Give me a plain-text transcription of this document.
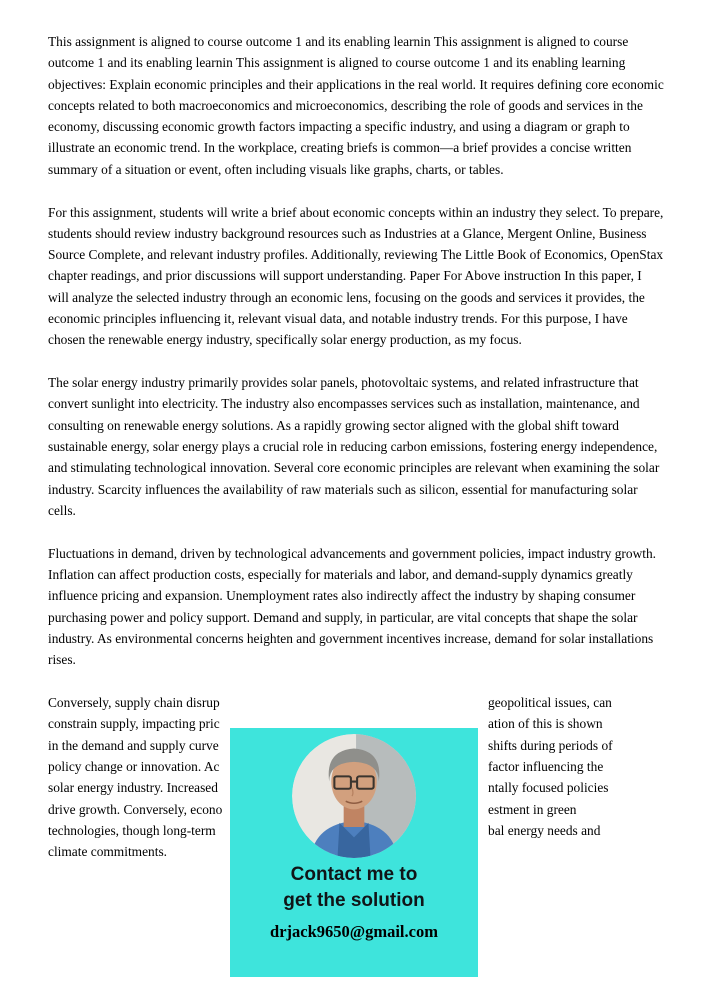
This assignment is aligned to course outcome 1 and its enabling learnin This assignment is aligned to course outcome 1 and its enabling learnin This assignment is aligned to course outcome 1 and its enabling learning objectives: Explain economic principles and their applications in the real world. It requires defining core economic concepts related to both macroeconomics and microeconomics, describing the role of goods and services in the economy, discussing economic growth factors impacting a specific industry, and using a diagram or graph to illustrate an economic trend. In the workplace, creating briefs is common—a brief provides a concise written summary of a situation or event, often including visuals like graphs, charts, or tables.

For this assignment, students will write a brief about economic concepts within an industry they select. To prepare, students should review industry background resources such as Industries at a Glance, Mergent Online, Business Source Complete, and relevant industry profiles. Additionally, reviewing The Little Book of Economics, OpenStax chapter readings, and prior discussions will support understanding. Paper For Above instruction In this paper, I will analyze the selected industry through an economic lens, focusing on the goods and services it provides, the economic principles influencing it, relevant visual data, and notable industry trends. For this purpose, I have chosen the renewable energy industry, specifically solar energy production, as my focus.

The solar energy industry primarily provides solar panels, photovoltaic systems, and related infrastructure that convert sunlight into electricity. The industry also encompasses services such as installation, maintenance, and consulting on renewable energy solutions. As a rapidly growing sector aligned with the global shift toward sustainable energy, solar energy plays a crucial role in reducing carbon emissions, fostering energy independence, and stimulating technological innovation. Several core economic principles are relevant when examining the solar industry. Scarcity influences the availability of raw materials such as silicon, essential for manufacturing solar cells.

Fluctuations in demand, driven by technological advancements and government policies, impact industry growth. Inflation can affect production costs, especially for materials and labor, and demand-supply dynamics greatly influence pricing and expansion. Unemployment rates also indirectly affect the industry by shaping consumer purchasing power and policy support. Demand and supply, in particular, are vital concepts that shape the solar industry. As environmental concerns heighten and government incentives increase, demand for solar installations rises.

Conversely, supply chain disrup	geopolitical issues, can
constrain supply, impacting pric	ation of this is shown
in the demand and supply curve	shifts during periods of
policy change or innovation. Ac	factor influencing the
solar energy industry. Increased	ntally focused policies
drive growth. Conversely, econo	estment in green
technologies, though long-term	bal energy needs and
climate commitments.
Contact me to
get the solution
drjack9650@gmail.com
